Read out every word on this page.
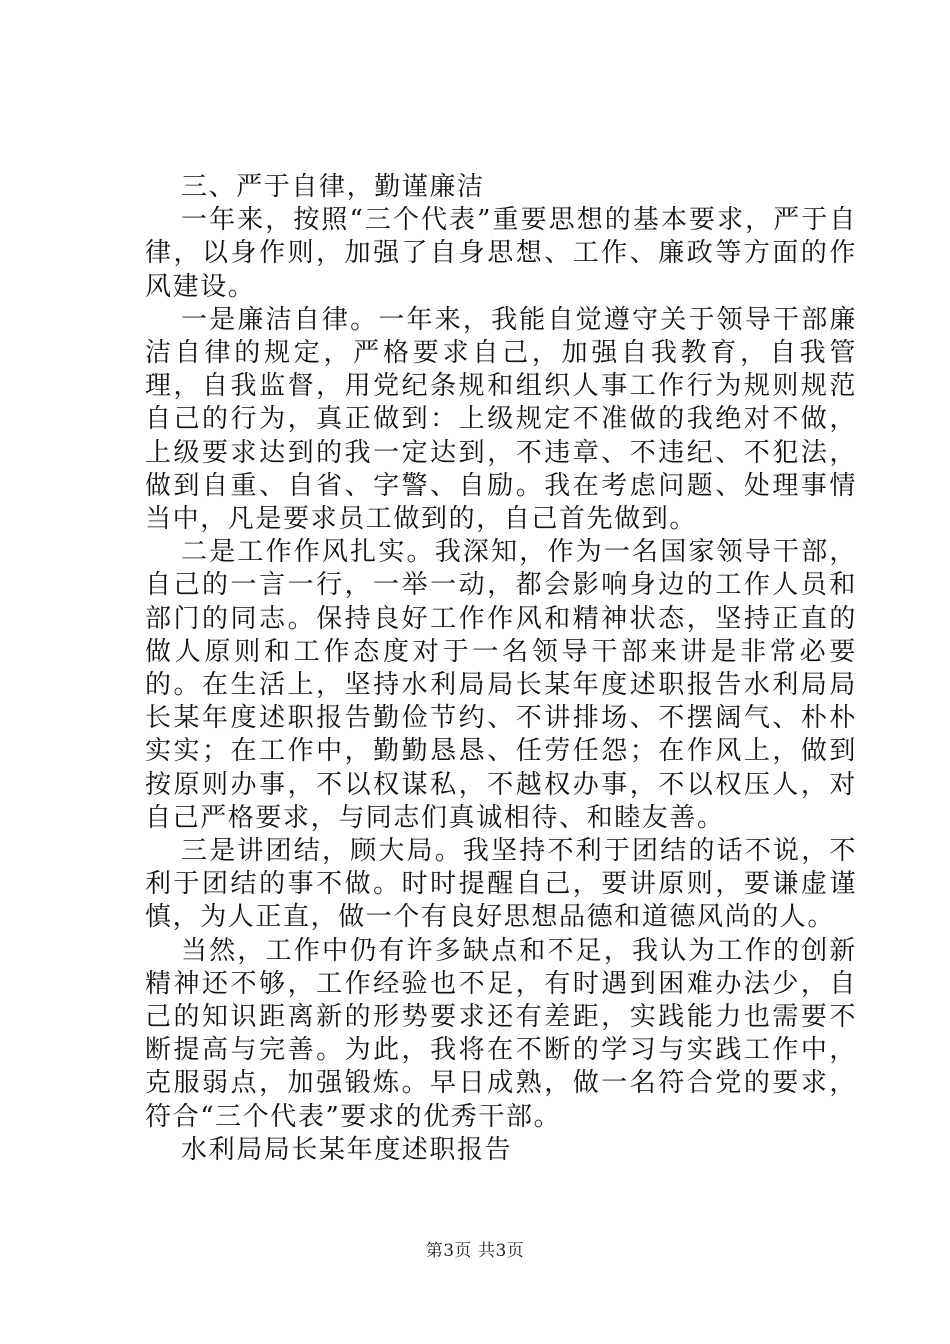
三、严于自律，勤谨廉洁

一年来，按照“三个代表”重要思想的基本要求，严于自律，以身作则，加强了自身思想、工作、廉政等方面的作风建设。

一是廉洁自律。一年来，我能自觉遵守关于领导干部廉洁自律的规定，严格要求自己，加强自我教育，自我管理，自我监督，用党纪条规和组织人事工作行为规则规范自己的行为，真正做到：上级规定不准做的我绝对不做，上级要求达到的我一定达到，不违章、不违纪、不犯法，做到自重、自省、字警、自励。我在考虑问题、处理事情当中，凡是要求员工做到的，自己首先做到。

二是工作作风扎实。我深知，作为一名国家领导干部，自己的一言一行，一举一动，都会影响身边的工作人员和部门的同志。保持良好工作作风和精神状态，坚持正直的做人原则和工作态度对于一名领导干部来讲是非常必要的。在生活上，坚持水利局局长某年度述职报告水利局局长某年度述职报告勤俭节约、不讲排场、不摆阔气、朴朴实实；在工作中，勤勤恳恳、任劳任怨；在作风上，做到按原则办事，不以权谋私，不越权办事，不以权压人，对自己严格要求，与同志们真诚相待、和睦友善。

三是讲团结，顾大局。我坚持不利于团结的话不说，不利于团结的事不做。时时提醒自己，要讲原则，要谦虚谨慎，为人正直，做一个有良好思想品德和道德风尚的人。

当然，工作中仍有许多缺点和不足，我认为工作的创新精神还不够，工作经验也不足，有时遇到困难办法少，自己的知识距离新的形势要求还有差距，实践能力也需要不断提高与完善。为此，我将在不断的学习与实践工作中，克服弱点，加强锻炼。早日成熟，做一名符合党的要求，符合“三个代表”要求的优秀干部。

水利局局长某年度述职报告

第3页 共3页
